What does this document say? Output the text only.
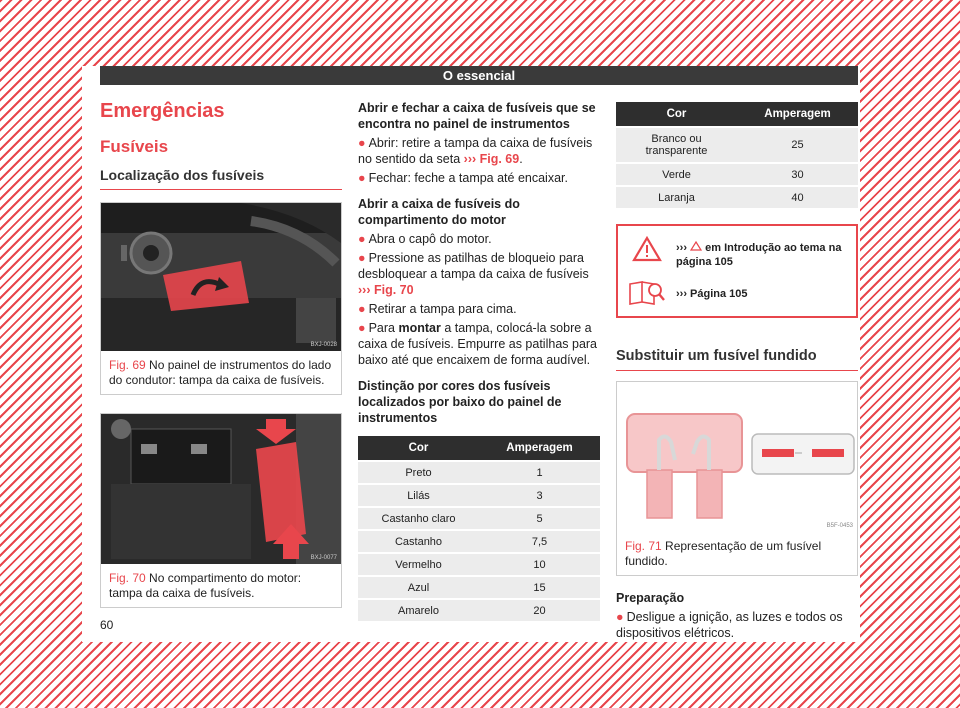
O essencial
Emergências
Fusíveis
Localização dos fusíveis
BXJ-0028
Fig. 69 No painel de instrumentos do lado do condutor: tampa da caixa de fusíveis.
BXJ-0077
Fig. 70 No compartimento do motor: tampa da caixa de fusíveis.
Abrir e fechar a caixa de fusíveis que se encontra no painel de instrumentos
● Abrir: retire a tampa da caixa de fusíveis no sentido da seta ››› Fig. 69.
● Fechar: feche a tampa até encaixar.
Abrir a caixa de fusíveis do compartimento do motor
● Abra o capô do motor.
● Pressione as patilhas de bloqueio para desbloquear a tampa da caixa de fusíveis ››› Fig. 70
● Retirar a tampa para cima.
● Para montar a tampa, colocá-la sobre a caixa de fusíveis. Empurre as patilhas para baixo até que encaixem de forma audível.
Distinção por cores dos fusíveis localizados por baixo do painel de instrumentos
Cor	Amperagem
Preto	1
Lilás	3
Castanho claro	5
Castanho	7,5
Vermelho	10
Azul	15
Amarelo	20
Cor	Amperagem
Branco ou transparente	25
Verde	30
Laranja	40
››› em Introdução ao tema na página 105
››› Página 105
Substituir um fusível fundido
B5F-0453
Fig. 71 Representação de um fusível fundido.
Preparação
● Desligue a ignição, as luzes e todos os dispositivos elétricos.
60
